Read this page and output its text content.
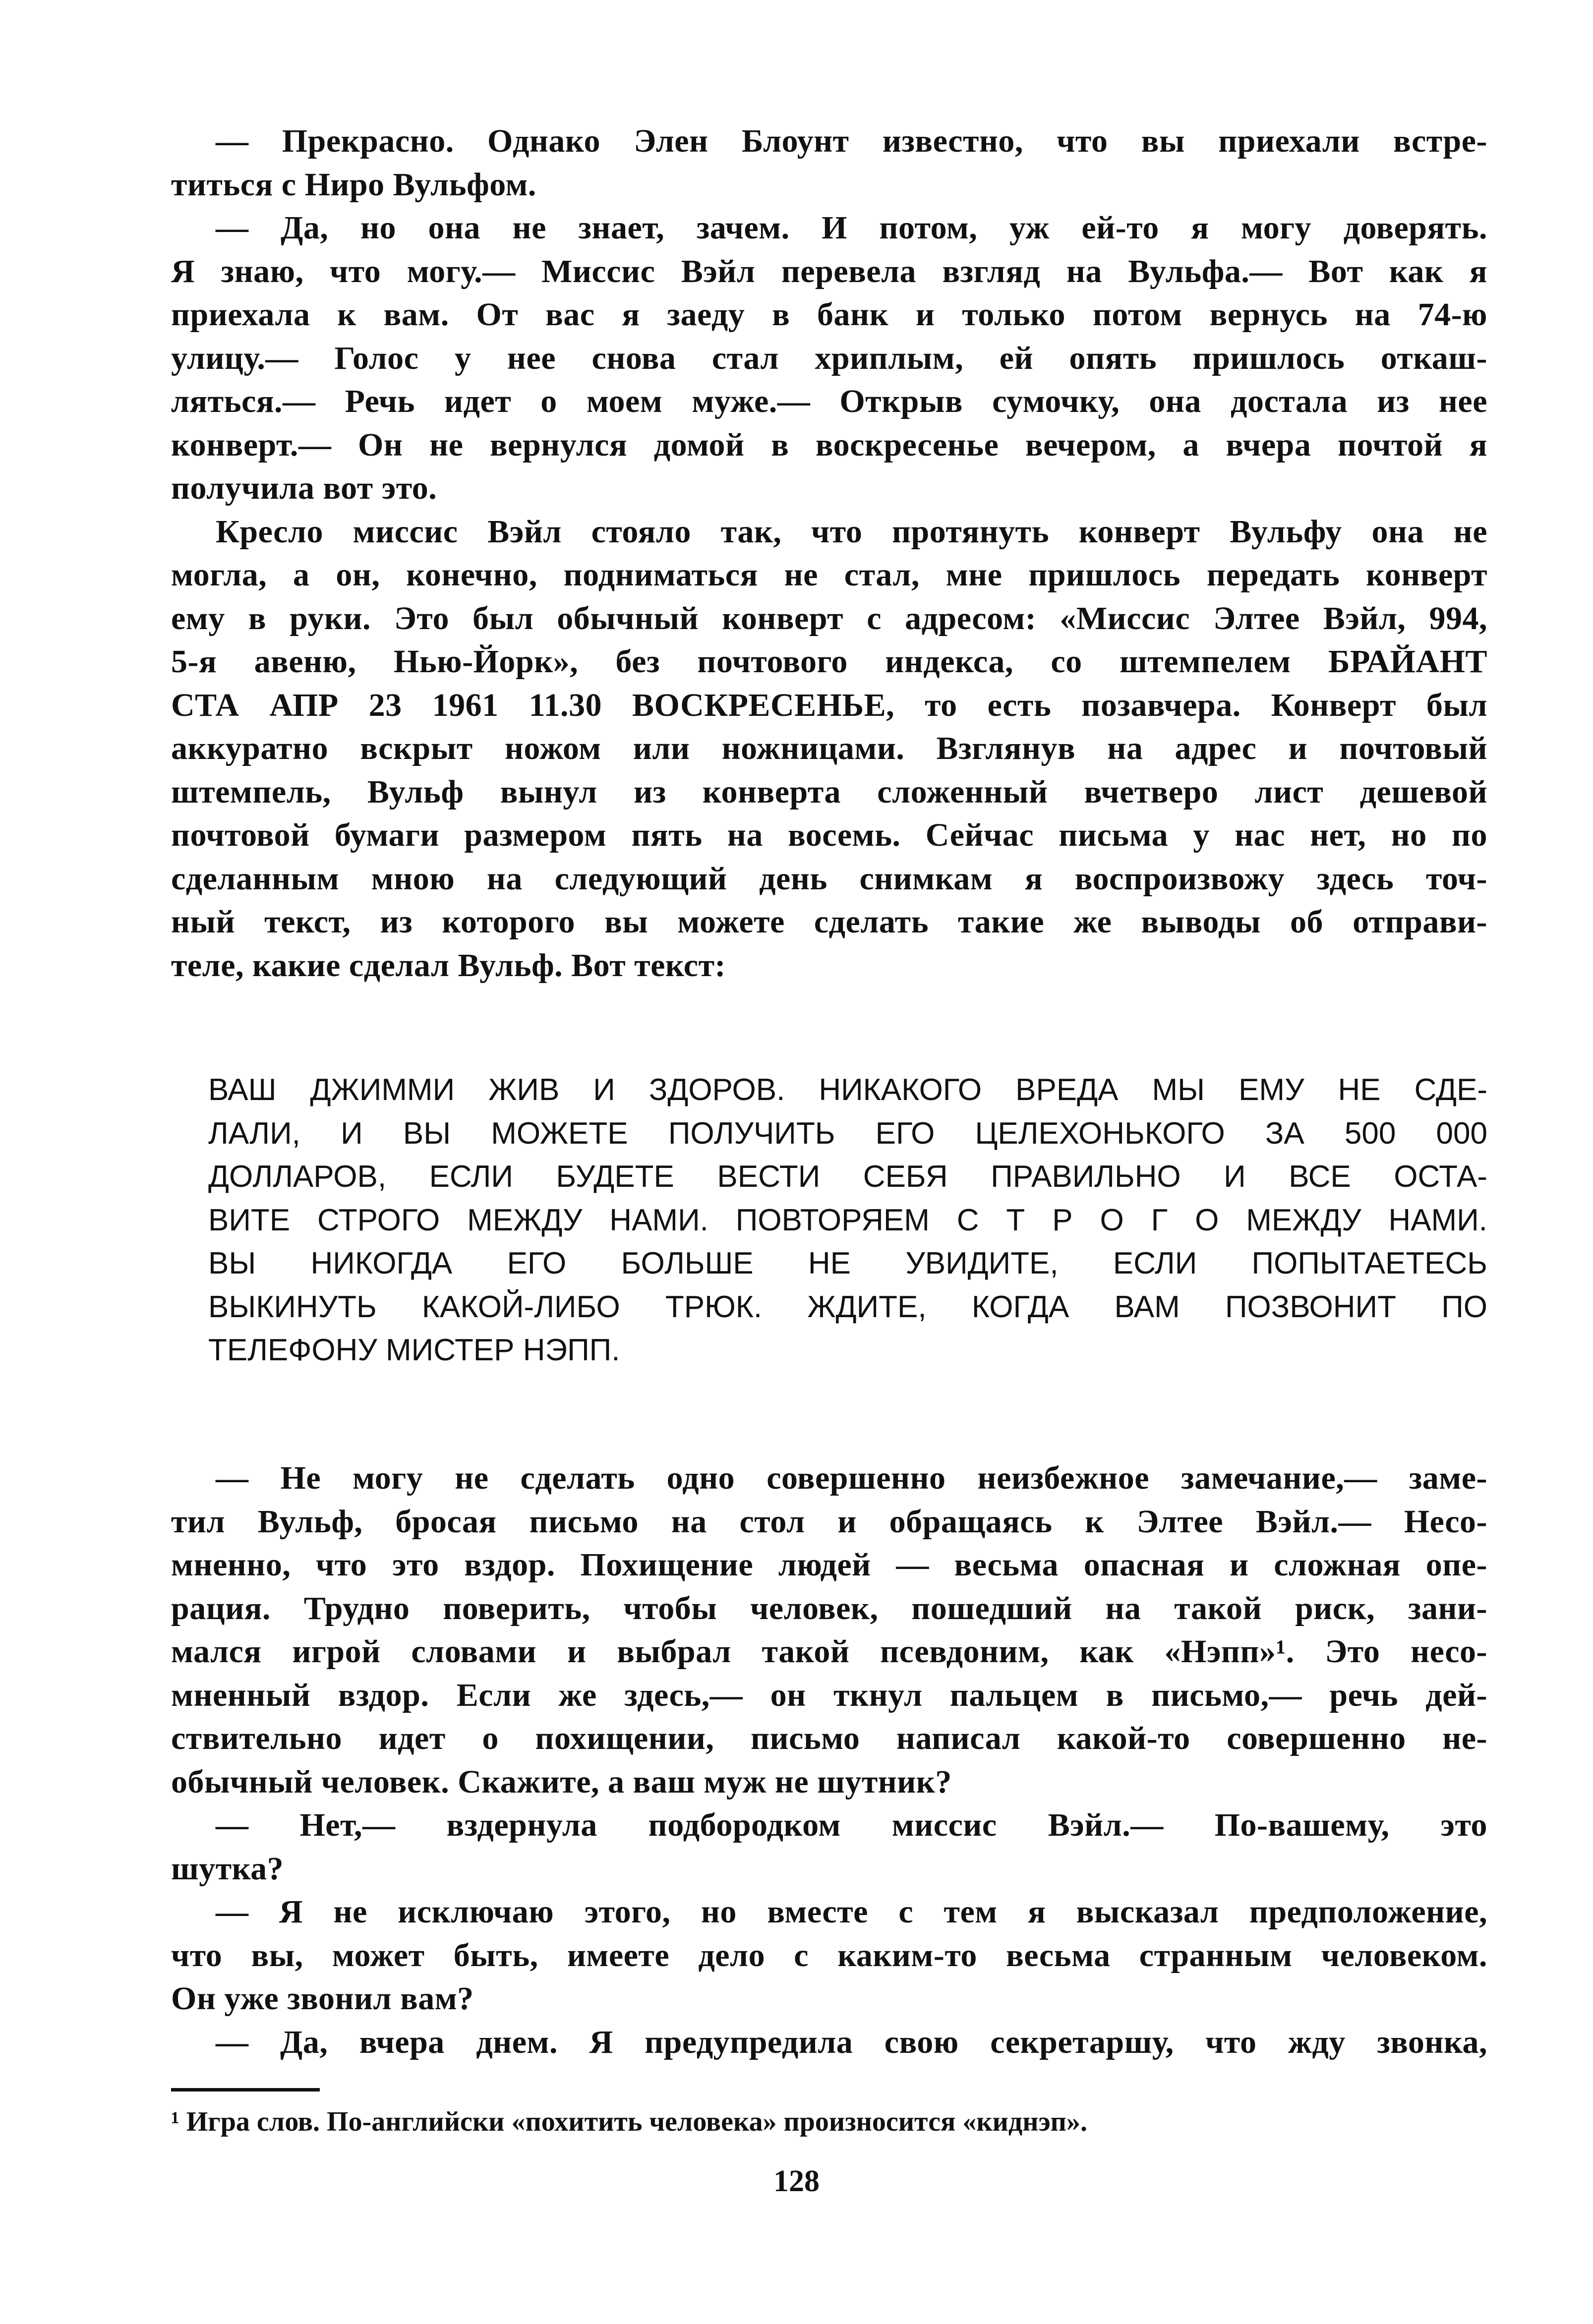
— Прекрасно. Однако Элен Блоунт известно, что вы приехали встре-
титься с Ниро Вульфом.
— Да, но она не знает, зачем. И потом, уж ей-то я могу доверять.
Я знаю, что могу.— Миссис Вэйл перевела взгляд на Вульфа.— Вот как я
приехала к вам. От вас я заеду в банк и только потом вернусь на 74-ю
улицу.— Голос у нее снова стал хриплым, ей опять пришлось откаш-
ляться.— Речь идет о моем муже.— Открыв сумочку, она достала из нее
конверт.— Он не вернулся домой в воскресенье вечером, а вчера почтой я
получила вот это.
Кресло миссис Вэйл стояло так, что протянуть конверт Вульфу она не
могла, а он, конечно, подниматься не стал, мне пришлось передать конверт
ему в руки. Это был обычный конверт с адресом: «Миссис Элтее Вэйл, 994,
5-я авеню, Нью-Йорк», без почтового индекса, со штемпелем БРАЙАНТ
СТА АПР 23 1961 11.30 ВОСКРЕСЕНЬЕ, то есть позавчера. Конверт был
аккуратно вскрыт ножом или ножницами. Взглянув на адрес и почтовый
штемпель, Вульф вынул из конверта сложенный вчетверо лист дешевой
почтовой бумаги размером пять на восемь. Сейчас письма у нас нет, но по
сделанным мною на следующий день снимкам я воспроизвожу здесь точ-
ный текст, из которого вы можете сделать такие же выводы об отправи-
теле, какие сделал Вульф. Вот текст:
ВАШ ДЖИММИ ЖИВ И ЗДОРОВ. НИКАКОГО ВРЕДА МЫ ЕМУ НЕ СДЕ-
ЛАЛИ, И ВЫ МОЖЕТЕ ПОЛУЧИТЬ ЕГО ЦЕЛЕХОНЬКОГО ЗА 500 000
ДОЛЛАРОВ, ЕСЛИ БУДЕТЕ ВЕСТИ СЕБЯ ПРАВИЛЬНО И ВСЕ ОСТА-
ВИТЕ СТРОГО МЕЖДУ НАМИ. ПОВТОРЯЕМ С Т Р О Г О МЕЖДУ НАМИ.
ВЫ НИКОГДА ЕГО БОЛЬШЕ НЕ УВИДИТЕ, ЕСЛИ ПОПЫТАЕТЕСЬ
ВЫКИНУТЬ КАКОЙ-ЛИБО ТРЮК. ЖДИТЕ, КОГДА ВАМ ПОЗВОНИТ ПО
ТЕЛЕФОНУ МИСТЕР НЭПП.
— Не могу не сделать одно совершенно неизбежное замечание,— заме-
тил Вульф, бросая письмо на стол и обращаясь к Элтее Вэйл.— Несо-
мненно, что это вздор. Похищение людей — весьма опасная и сложная опе-
рация. Трудно поверить, чтобы человек, пошедший на такой риск, зани-
мался игрой словами и выбрал такой псевдоним, как «Нэпп»¹. Это несо-
мненный вздор. Если же здесь,— он ткнул пальцем в письмо,— речь дей-
ствительно идет о похищении, письмо написал какой-то совершенно не-
обычный человек. Скажите, а ваш муж не шутник?
— Нет,— вздернула подбородком миссис Вэйл.— По-вашему, это
шутка?
— Я не исключаю этого, но вместе с тем я высказал предположение,
что вы, может быть, имеете дело с каким-то весьма странным человеком.
Он уже звонил вам?
— Да, вчера днем. Я предупредила свою секретаршу, что жду звонка,
¹ Игра слов. По-английски «похитить человека» произносится «киднэп».
128
